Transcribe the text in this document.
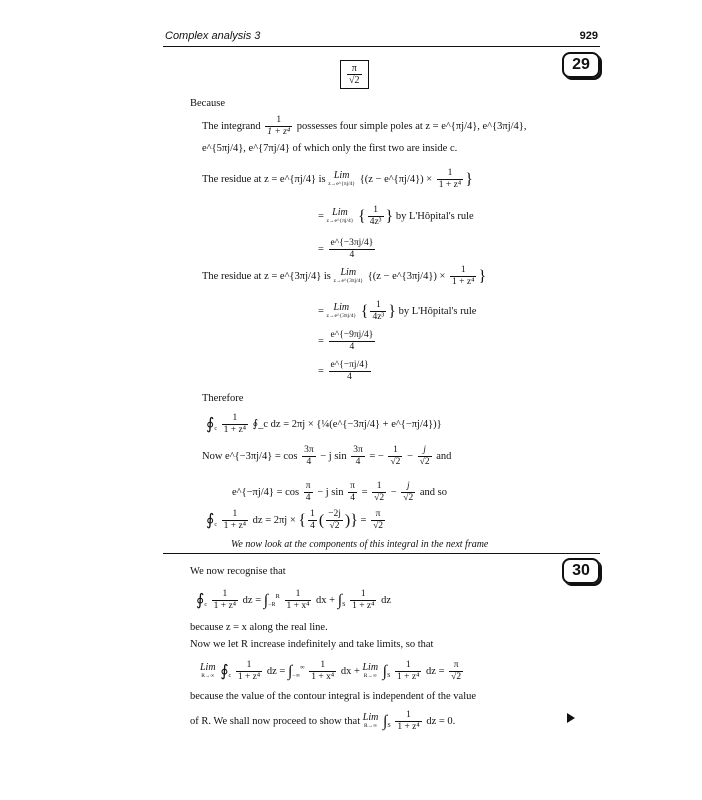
Complex analysis 3	929
29
$\frac{\pi}{√2}$
Because
The integrand $\frac{1}{\text{1 + z⁴}}$ possesses four simple poles at z = e^{πj/4}, e^{3πj/4},
e^{5πj/4}, e^{7πj/4} of which only the first two are inside c.
The residue at z = e^{πj/4} is Lim
z→e^{πj/4} {(z − e^{πj/4}) × $\frac{1}{\text{1 + z⁴}}$ }
= Lim
z→e^{πj/4} { $\frac{1}{\text{4z³}}$ } by L'Hôpital's rule
= $\frac{e\^{}\{-3\pi j/4\}}{4}$
The residue at z = e^{3πj/4} is Lim
z→e^{3πj/4} {(z − e^{3πj/4}) × $\frac{1}{\text{1 + z⁴}}$ }
= Lim
z→e^{3πj/4} { $\frac{1}{\text{4z³}}$ } by L'Hôpital's rule
= $\frac{e\^{}\{-9\pi j/4\}}{4}$
= $\frac{e\^{}\{-\pi j/4\}}{4}$
Therefore
$∮_c \frac{1}{\text{1 + z⁴}}$ ∮_c dz = 2πj × {¼(e^{−3πj/4} + e^{−πj/4})}
Now e^{−3πj/4} = $\cos \frac{3\pi}{4} - j$ $\sin \frac{3\pi}{4}$ = − $\frac{1}{√2} - \frac{j}{√2}$ and
e^{−πj/4} = $\cos \frac{\pi}{4} - j$ $\sin \frac{\pi}{4} = \frac{1}{√2} - \frac{j}{√2}$ and so
$∮_c \frac{1}{\text{1 + z⁴}}$ dz = 2πj × { $\frac{1}{4}$ ( $\frac{-2j}{√2}$ )} = $\frac{\pi}{√2}$
We now look at the components of this integral in the next frame
30
We now recognise that
$∮_c \frac{1}{\text{1 + z⁴}}$ dz = $\int_{-R}^R \frac{1}{\text{1 + x⁴}}$ dx + $\int_S \frac{1}{\text{1 + z⁴}}$ dz
because z = x along the real line.
Now we let R increase indefinitely and take limits, so that
Lim
R→∞ $∮_c \frac{1}{\text{1 + z⁴}}$ dz = $\int_{-\infty}^\infty \frac{1}{\text{1 + x⁴}}$ dx + Lim
R→∞ $\int_S \frac{1}{\text{1 + z⁴}}$ dz = $\frac{\pi}{√2}$
because the value of the contour integral is independent of the value
of R. We shall now proceed to show that Lim
R→∞ $\int_S \frac{1}{\text{1 + z⁴}}$ dz = 0.
